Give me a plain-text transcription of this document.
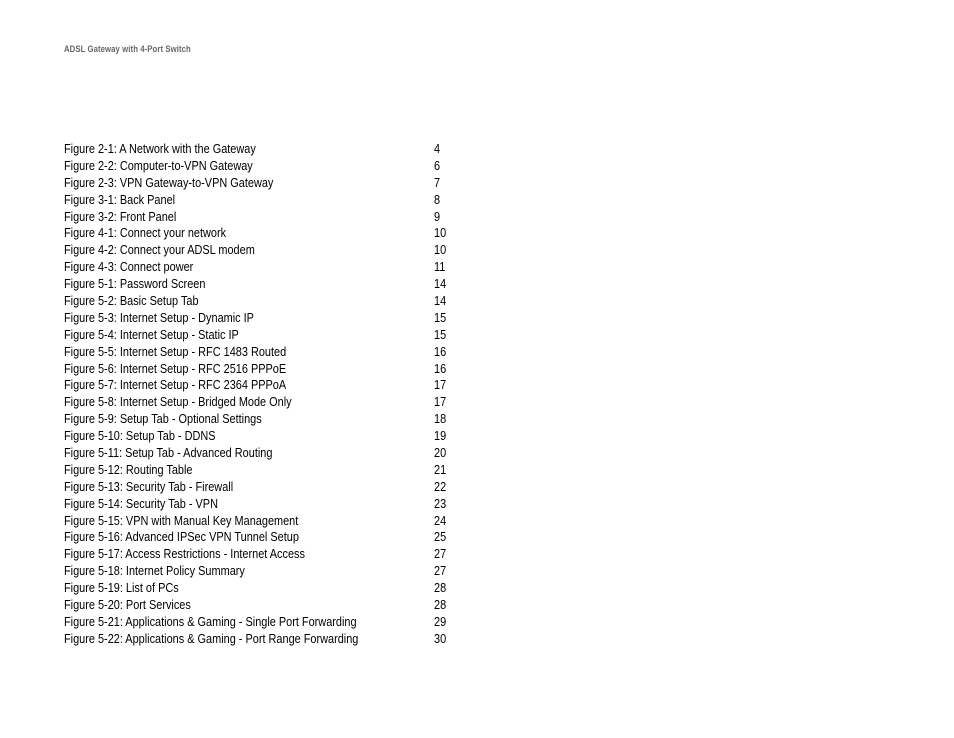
ADSL Gateway with 4-Port Switch
Figure 2-1: A Network with the Gateway	4
Figure 2-2: Computer-to-VPN Gateway	6
Figure 2-3: VPN Gateway-to-VPN Gateway	7
Figure 3-1: Back Panel	8
Figure 3-2: Front Panel	9
Figure 4-1: Connect your network	10
Figure 4-2: Connect your ADSL modem	10
Figure 4-3: Connect power	11
Figure 5-1: Password Screen	14
Figure 5-2: Basic Setup Tab	14
Figure 5-3: Internet Setup - Dynamic IP	15
Figure 5-4: Internet Setup - Static IP	15
Figure 5-5: Internet Setup - RFC 1483 Routed	16
Figure 5-6: Internet Setup - RFC 2516 PPPoE	16
Figure 5-7: Internet Setup - RFC 2364 PPPoA	17
Figure 5-8: Internet Setup - Bridged Mode Only	17
Figure 5-9: Setup Tab - Optional Settings	18
Figure 5-10: Setup Tab - DDNS	19
Figure 5-11: Setup Tab - Advanced Routing	20
Figure 5-12: Routing Table	21
Figure 5-13: Security Tab - Firewall	22
Figure 5-14: Security Tab - VPN	23
Figure 5-15: VPN with Manual Key Management	24
Figure 5-16: Advanced IPSec VPN Tunnel Setup	25
Figure 5-17: Access Restrictions - Internet Access	27
Figure 5-18: Internet Policy Summary	27
Figure 5-19: List of PCs	28
Figure 5-20: Port Services	28
Figure 5-21: Applications & Gaming - Single Port Forwarding	29
Figure 5-22: Applications & Gaming - Port Range Forwarding	30
